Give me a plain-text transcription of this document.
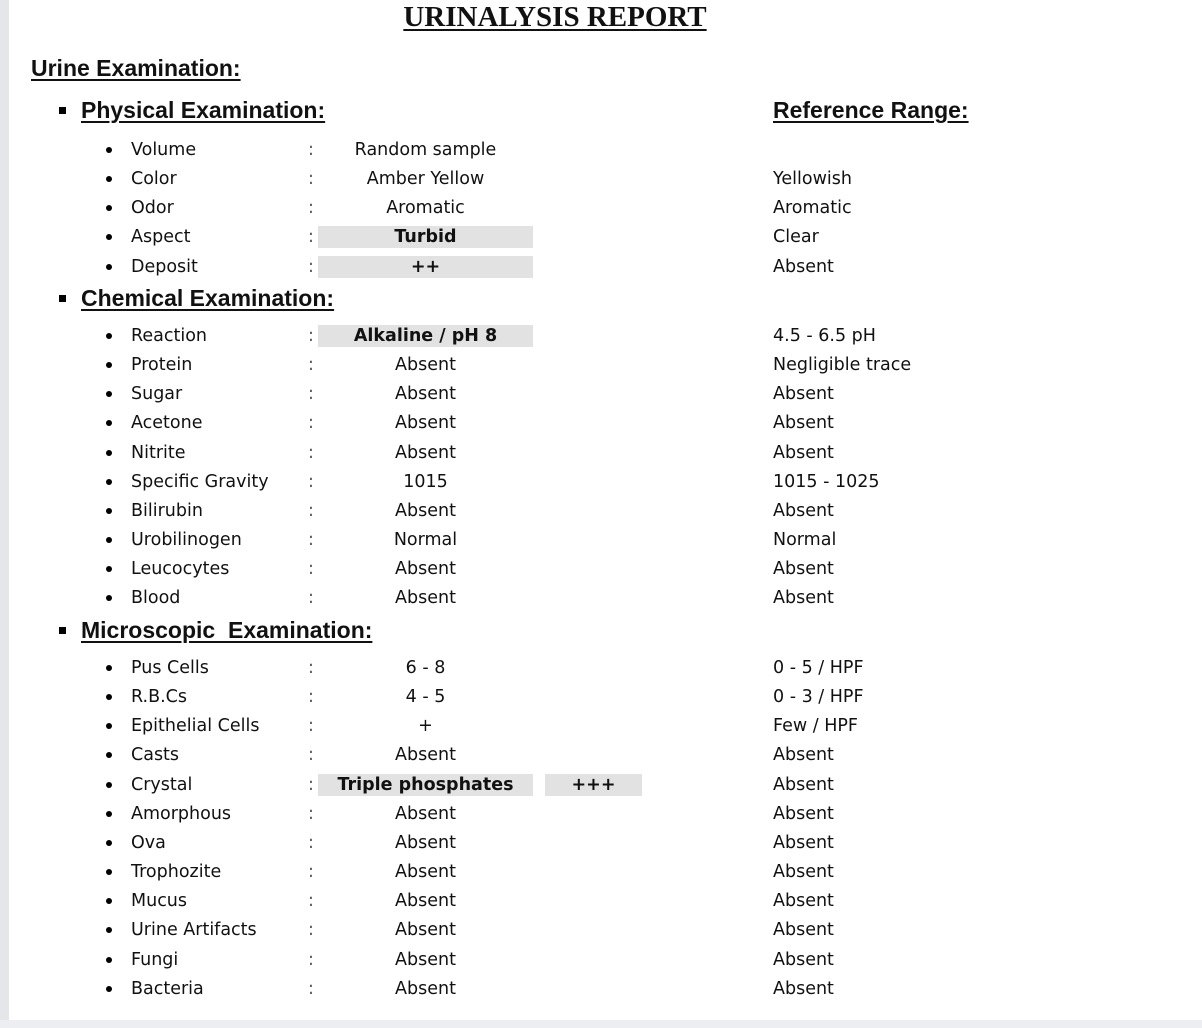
URINALYSIS REPORT
Urine Examination:
Reference Range:
Physical Examination:
Volume	:	Random sample
Color	:	Amber Yellow	Yellowish
Odor	:	Aromatic	Aromatic
Aspect	:	Turbid	Clear
Deposit	:	++	Absent
Chemical Examination:
Reaction	:	Alkaline / pH 8	4.5 - 6.5 pH
Protein	:	Absent	Negligible trace
Sugar	:	Absent	Absent
Acetone	:	Absent	Absent
Nitrite	:	Absent	Absent
Specific Gravity :	1015	1015 - 1025
Bilirubin	:	Absent	Absent
Urobilinogen	:	Normal	Normal
Leucocytes	:	Absent	Absent
Blood	:	Absent	Absent
Microscopic  Examination:
Pus Cells	:	6 - 8	0 - 5 / HPF
R.B.Cs	:	4 - 5	0 - 3 / HPF
Epithelial Cells	:	+	Few / HPF
Casts	:	Absent	Absent
Crystal	:	Triple phosphates	+++	Absent
Amorphous	:	Absent	Absent
Ova	:	Absent	Absent
Trophozite	:	Absent	Absent
Mucus	:	Absent	Absent
Urine Artifacts	:	Absent	Absent
Fungi	:	Absent	Absent
Bacteria	:	Absent	Absent
